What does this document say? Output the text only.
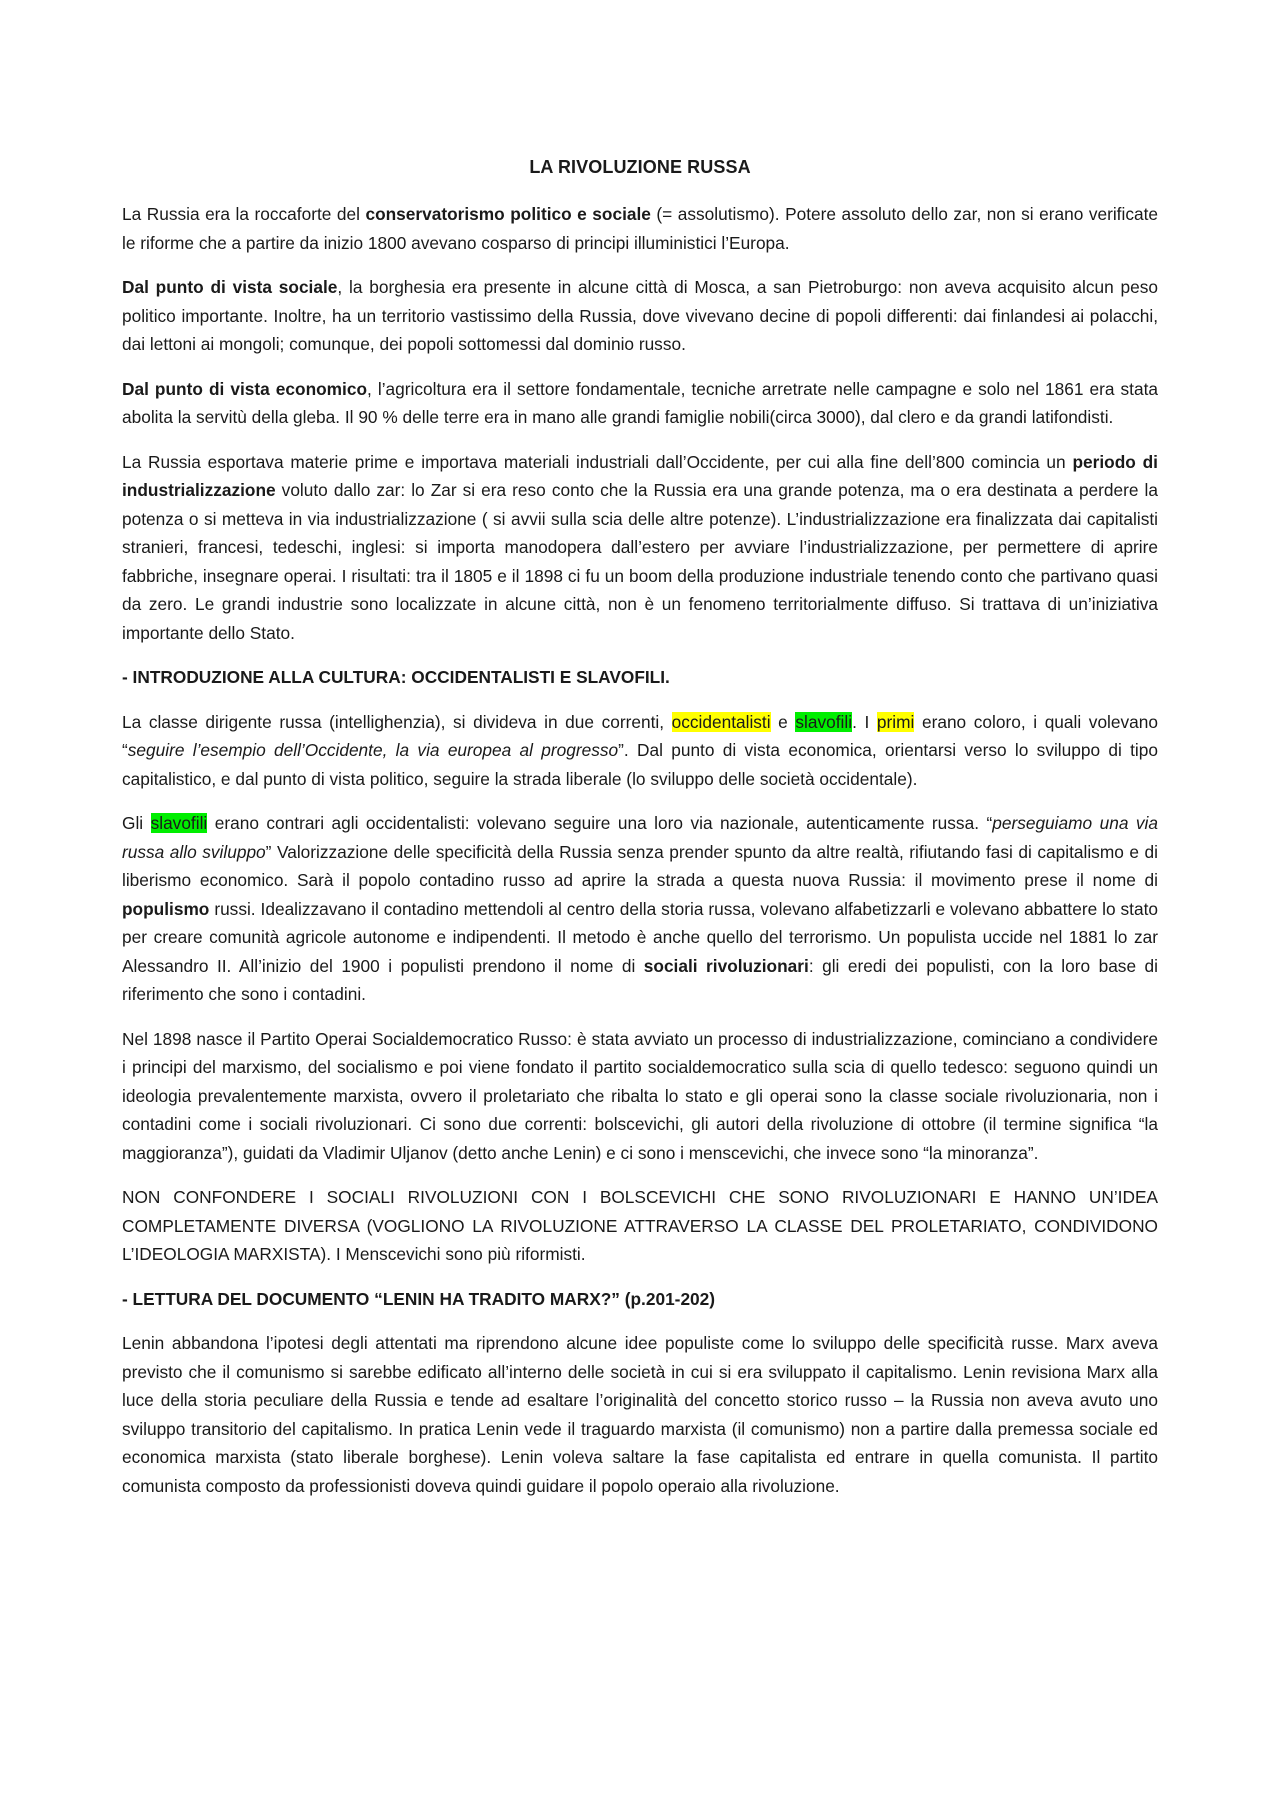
LA RIVOLUZIONE RUSSA

La Russia era la roccaforte del conservatorismo politico e sociale (= assolutismo). Potere assoluto dello zar, non si erano verificate le riforme che a partire da inizio 1800 avevano cosparso di principi illuministici l’Europa.

Dal punto di vista sociale, la borghesia era presente in alcune città di Mosca, a san Pietroburgo: non aveva acquisito alcun peso politico importante. Inoltre, ha un territorio vastissimo della Russia, dove vivevano decine di popoli differenti: dai finlandesi ai polacchi, dai lettoni ai mongoli; comunque, dei popoli sottomessi dal dominio russo.

Dal punto di vista economico, l’agricoltura era il settore fondamentale, tecniche arretrate nelle campagne e solo nel 1861 era stata abolita la servitù della gleba. Il 90 % delle terre era in mano alle grandi famiglie nobili(circa 3000), dal clero e da grandi latifondisti.

La Russia esportava materie prime e importava materiali industriali dall’Occidente, per cui alla fine dell’800 comincia un periodo di industrializzazione voluto dallo zar: lo Zar si era reso conto che la Russia era una grande potenza, ma o era destinata a perdere la potenza o si metteva in via industrializzazione ( si avvii sulla scia delle altre potenze). L’industrializzazione era finalizzata dai capitalisti stranieri, francesi, tedeschi, inglesi: si importa manodopera dall’estero per avviare l’industrializzazione, per permettere di aprire fabbriche, insegnare operai. I risultati: tra il 1805 e il 1898 ci fu un boom della produzione industriale tenendo conto che partivano quasi da zero. Le grandi industrie sono localizzate in alcune città, non è un fenomeno territorialmente diffuso. Si trattava di un’iniziativa importante dello Stato.

- INTRODUZIONE ALLA CULTURA: OCCIDENTALISTI E SLAVOFILI.

La classe dirigente russa (intellighenzia), si divideva in due correnti, occidentalisti e slavofili. I primi erano coloro, i quali volevano “seguire l’esempio dell’Occidente, la via europea al progresso”. Dal punto di vista economica, orientarsi verso lo sviluppo di tipo capitalistico, e dal punto di vista politico, seguire la strada liberale (lo sviluppo delle società occidentale).

Gli slavofili erano contrari agli occidentalisti: volevano seguire una loro via nazionale, autenticamente russa. “perseguiamo una via russa allo sviluppo” Valorizzazione delle specificità della Russia senza prender spunto da altre realtà, rifiutando fasi di capitalismo e di liberismo economico. Sarà il popolo contadino russo ad aprire la strada a questa nuova Russia: il movimento prese il nome di populismo russi. Idealizzavano il contadino mettendoli al centro della storia russa, volevano alfabetizzarli e volevano abbattere lo stato per creare comunità agricole autonome e indipendenti. Il metodo è anche quello del terrorismo. Un populista uccide nel 1881 lo zar Alessandro II. All’inizio del 1900 i populisti prendono il nome di sociali rivoluzionari: gli eredi dei populisti, con la loro base di riferimento che sono i contadini.

Nel 1898 nasce il Partito Operai Socialdemocratico Russo: è stata avviato un processo di industrializzazione, cominciano a condividere i principi del marxismo, del socialismo e poi viene fondato il partito socialdemocratico sulla scia di quello tedesco: seguono quindi un ideologia prevalentemente marxista, ovvero il proletariato che ribalta lo stato e gli operai sono la classe sociale rivoluzionaria, non i contadini come i sociali rivoluzionari. Ci sono due correnti: bolscevichi, gli autori della rivoluzione di ottobre (il termine significa “la maggioranza”), guidati da Vladimir Uljanov (detto anche Lenin) e ci sono i menscevichi, che invece sono “la minoranza”.

NON CONFONDERE I SOCIALI RIVOLUZIONI CON I BOLSCEVICHI CHE SONO RIVOLUZIONARI E HANNO UN’IDEA COMPLETAMENTE DIVERSA (VOGLIONO LA RIVOLUZIONE ATTRAVERSO LA CLASSE DEL PROLETARIATO, CONDIVIDONO L’IDEOLOGIA MARXISTA). I Menscevichi sono più riformisti.

- LETTURA DEL DOCUMENTO “LENIN HA TRADITO MARX?” (p.201-202)

Lenin abbandona l’ipotesi degli attentati ma riprendono alcune idee populiste come lo sviluppo delle specificità russe. Marx aveva previsto che il comunismo si sarebbe edificato all’interno delle società in cui si era sviluppato il capitalismo. Lenin revisiona Marx alla luce della storia peculiare della Russia e tende ad esaltare l’originalità del concetto storico russo – la Russia non aveva avuto uno sviluppo transitorio del capitalismo. In pratica Lenin vede il traguardo marxista (il comunismo) non a partire dalla premessa sociale ed economica marxista (stato liberale borghese). Lenin voleva saltare la fase capitalista ed entrare in quella comunista. Il partito comunista composto da professionisti doveva quindi guidare il popolo operaio alla rivoluzione.
